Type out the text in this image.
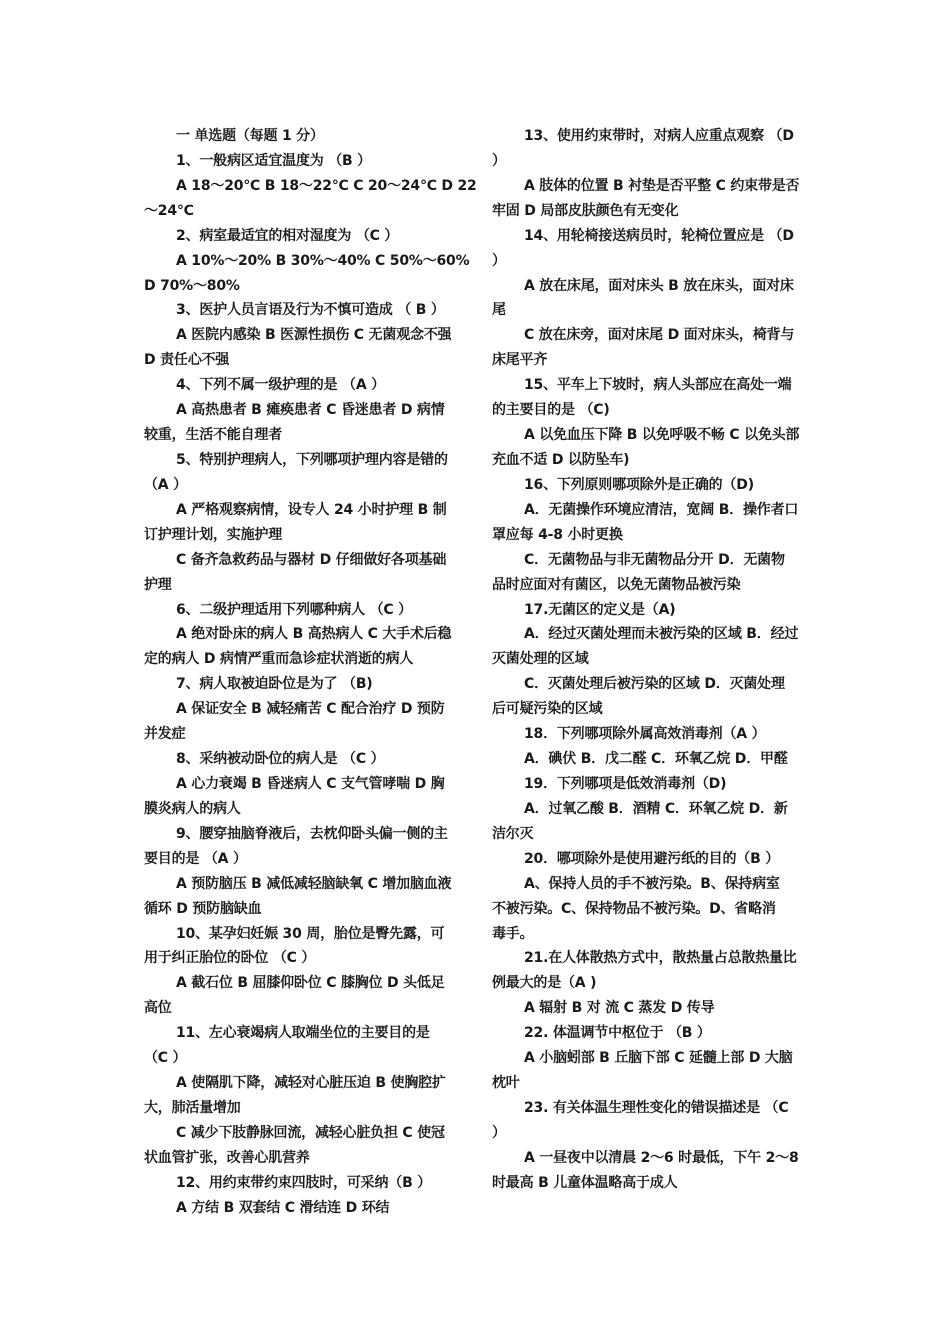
一 单选题（每题 1 分）
1、一般病区适宜温度为 （B ）
A 18～20℃ B 18～22℃ C 20～24℃ D 22
～24℃
2、病室最适宜的相对湿度为 （C ）
A 10%～20% B 30%～40% C 50%～60%
D 70%～80%
3、医护人员言语及行为不慎可造成 （ B ）
A 医院内感染 B 医源性损伤 C 无菌观念不强
D 责任心不强
4、下列不属一级护理的是 （A ）
A 高热患者 B 瘫痪患者 C 昏迷患者 D 病情
较重，生活不能自理者
5、特别护理病人，下列哪项护理内容是错的
（A ）
A 严格观察病情，设专人 24 小时护理 B 制
订护理计划，实施护理
C 备齐急救药品与器材 D 仔细做好各项基础
护理
6、二级护理适用下列哪种病人 （C ）
A 绝对卧床的病人 B 高热病人 C 大手术后稳
定的病人 D 病情严重而急诊症状消逝的病人
7、病人取被迫卧位是为了 （B)
A 保证安全 B 减轻痛苦 C 配合治疗 D 预防
并发症
8、采纳被动卧位的病人是 （C ）
A 心力衰竭 B 昏迷病人 C 支气管哮喘 D 胸
膜炎病人的病人
9、腰穿抽脑脊液后，去枕仰卧头偏一侧的主
要目的是 （A ）
A 预防脑压 B 减低减轻脑缺氧 C 增加脑血液
循环 D 预防脑缺血
10、某孕妇妊娠 30 周，胎位是臀先露，可
用于纠正胎位的卧位 （C ）
A 截石位 B 屈膝仰卧位 C 膝胸位 D 头低足
高位
11、左心衰竭病人取端坐位的主要目的是
（C ）
A 使隔肌下降，减轻对心脏压迫 B 使胸腔扩
大，肺活量增加
C 减少下肢静脉回流，减轻心脏负担 C 使冠
状血管扩张，改善心肌营养
12、用约束带约束四肢时，可采纳（B ）
A 方结 B 双套结 C 滑结连 D 环结
13、使用约束带时，对病人应重点观察 （D
）
A 肢体的位置 B 衬垫是否平整 C 约束带是否
牢固 D 局部皮肤颜色有无变化
14、用轮椅接送病员时，轮椅位置应是 （D
）
A 放在床尾，面对床头 B 放在床头，面对床
尾
C 放在床旁，面对床尾 D 面对床头，椅背与
床尾平齐
15、平车上下坡时，病人头部应在高处一端
的主要目的是 （C)
A 以免血压下降 B 以免呼吸不畅 C 以免头部
充血不适 D 以防坠车)
16、下列原则哪项除外是正确的（D)
A．无菌操作环境应清洁，宽阔 B．操作者口
罩应每 4-8 小时更换
C．无菌物品与非无菌物品分开 D．无菌物
品时应面对有菌区，以免无菌物品被污染
17.无菌区的定义是（A)
A．经过灭菌处理而未被污染的区域 B．经过
灭菌处理的区域
C．灭菌处理后被污染的区域 D．灭菌处理
后可疑污染的区域
18．下列哪项除外属高效消毒剂（A ）
A．碘伏 B．戊二醛 C．环氧乙烷 D．甲醛
19．下列哪项是低效消毒剂（D)
A．过氧乙酸 B．酒精 C．环氧乙烷 D．新
洁尔灭
20．哪项除外是使用避污纸的目的（B ）
A、保持人员的手不被污染。B、保持病室
不被污染。C、保持物品不被污染。D、省略消
毒手。
21.在人体散热方式中，散热量占总散热量比
例最大的是（A )
A 辐射 B 对 流 C 蒸发 D 传导
22. 体温调节中枢位于 （B ）
A 小脑蚓部 B 丘脑下部 C 延髓上部 D 大脑
枕叶
23. 有关体温生理性变化的错误描述是 （C
）
A 一昼夜中以清晨 2～6 时最低，下午 2～8
时最高 B 儿童体温略高于成人
